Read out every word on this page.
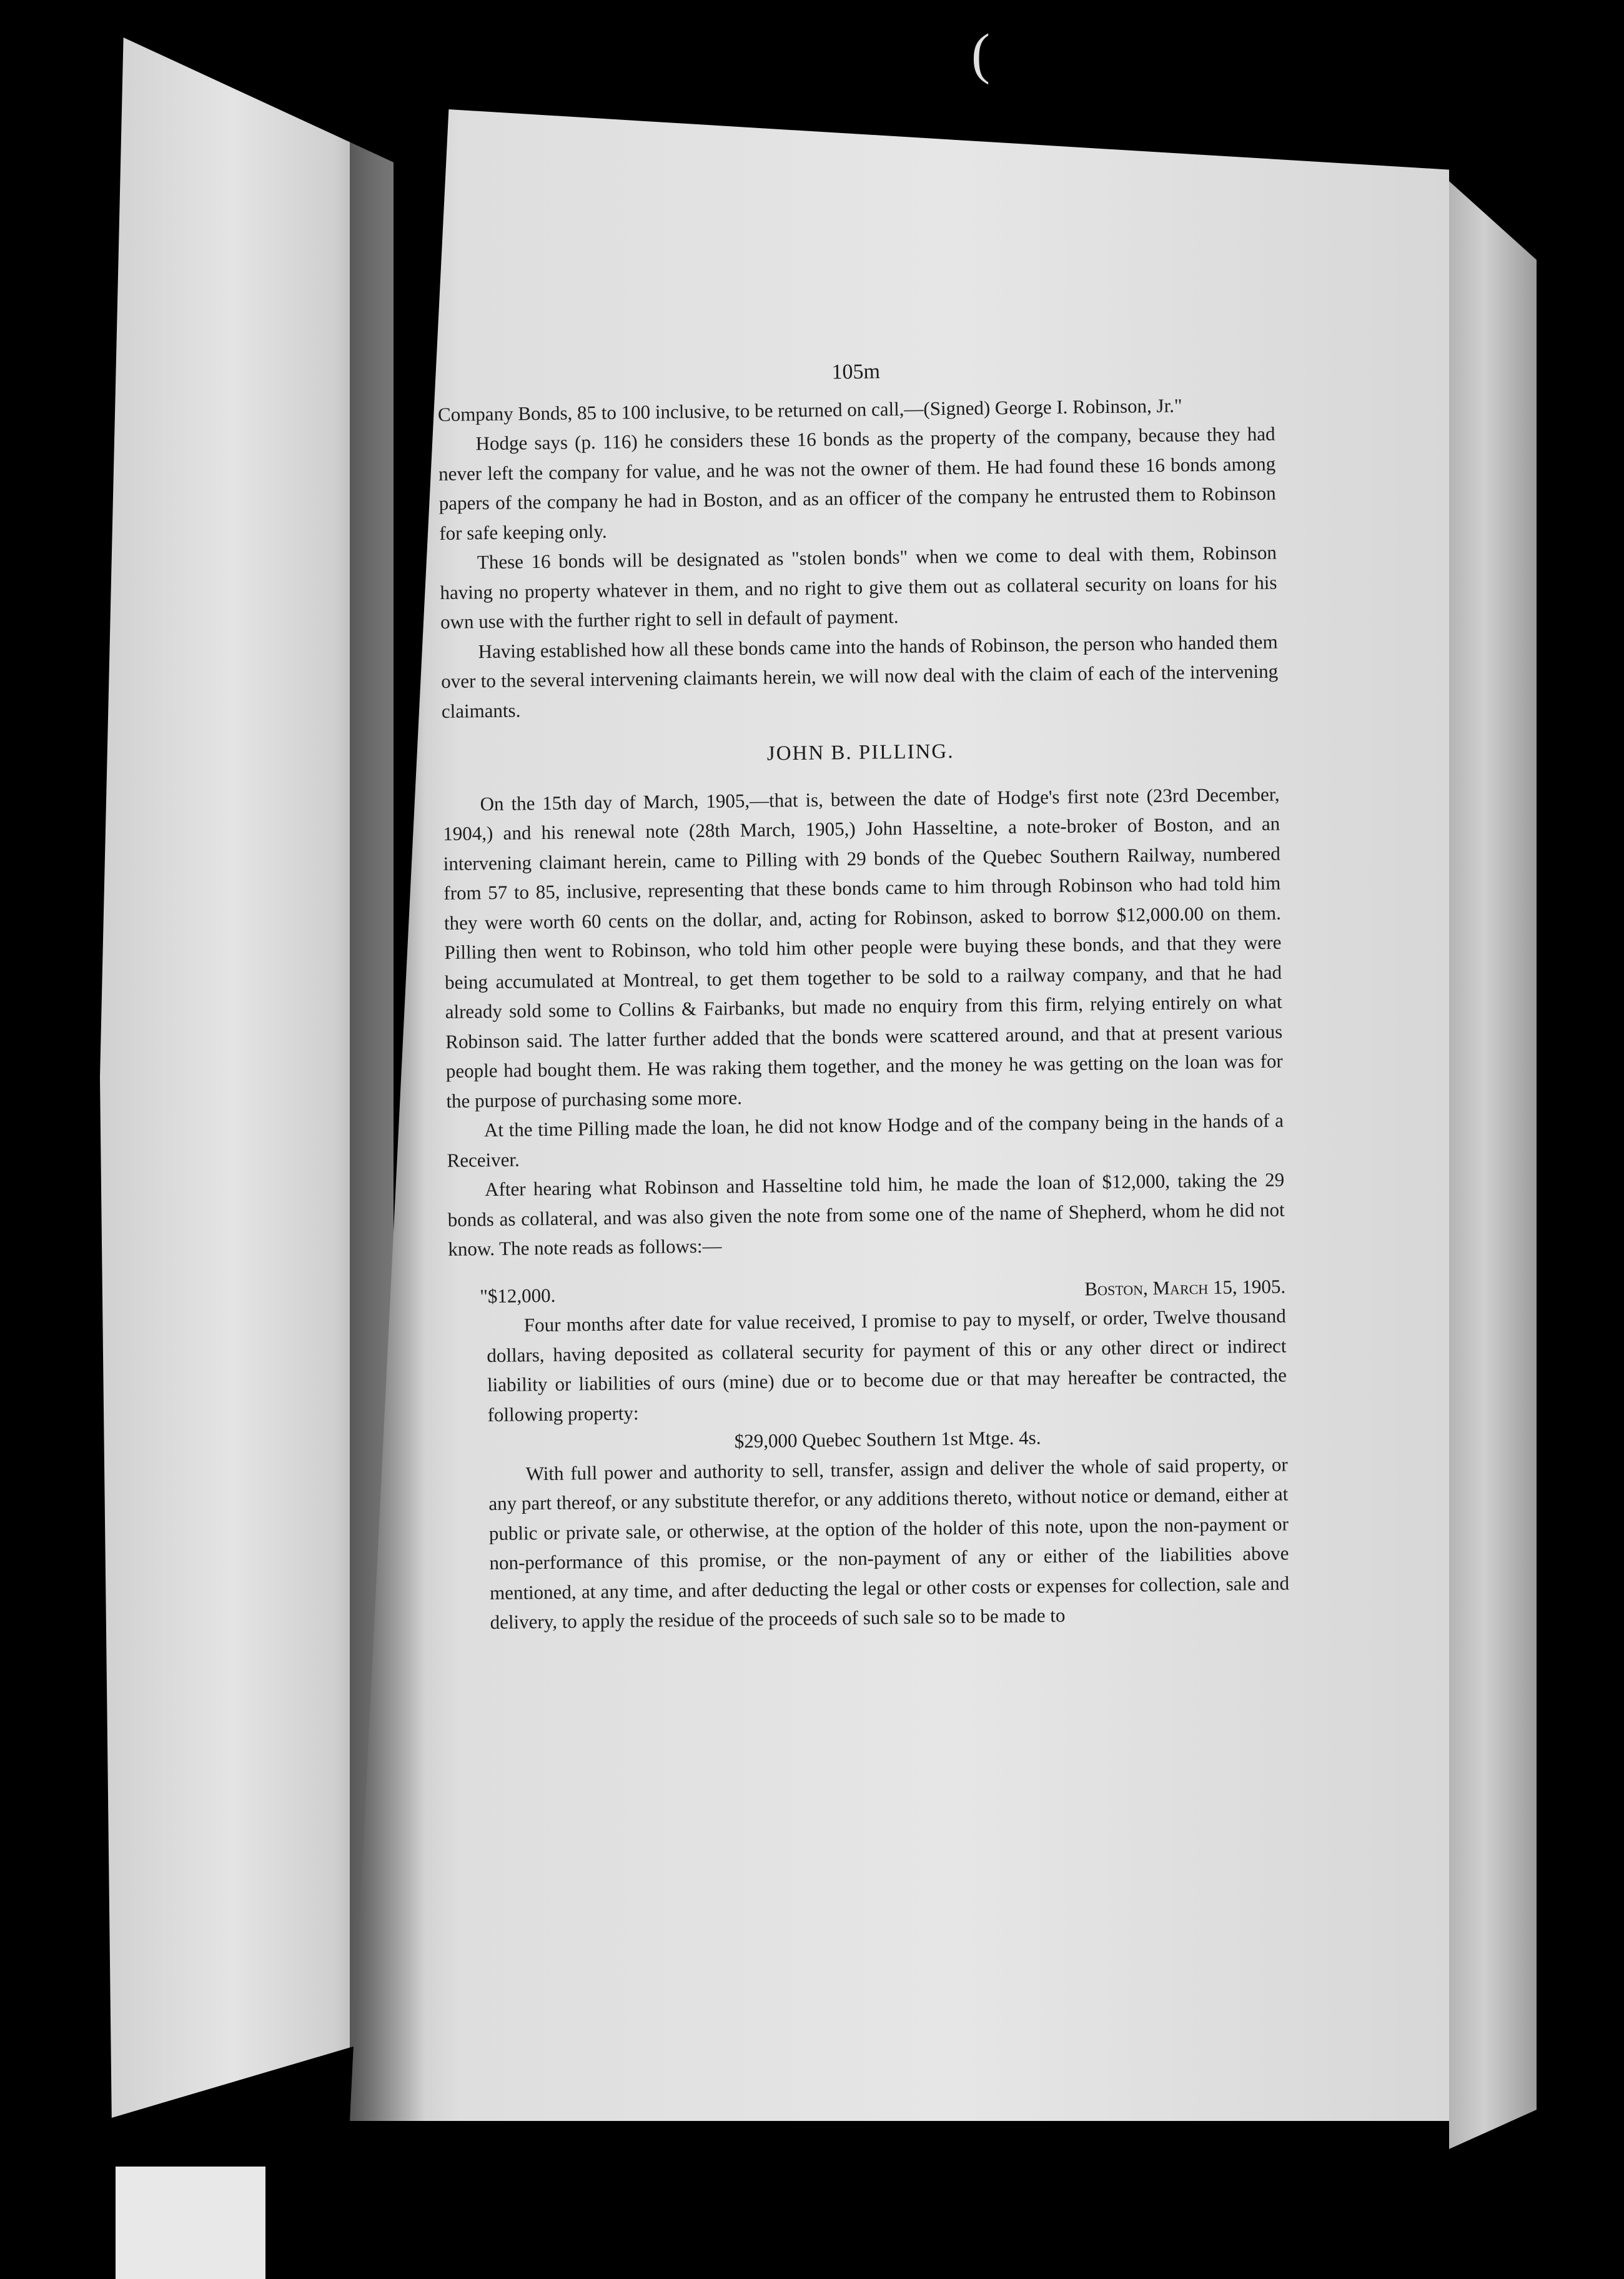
(
105m

Company Bonds, 85 to 100 inclusive, to be returned on call,—(Signed) George I. Robinson, Jr."

Hodge says (p. 116) he considers these 16 bonds as the property of the company, because they had never left the company for value, and he was not the owner of them. He had found these 16 bonds among papers of the company he had in Boston, and as an officer of the company he entrusted them to Robinson for safe keeping only.

These 16 bonds will be designated as "stolen bonds" when we come to deal with them, Robinson having no property whatever in them, and no right to give them out as collateral security on loans for his own use with the further right to sell in default of payment.

Having established how all these bonds came into the hands of Robinson, the person who handed them over to the several intervening claimants herein, we will now deal with the claim of each of the intervening claimants.

JOHN B. PILLING.

On the 15th day of March, 1905,—that is, between the date of Hodge's first note (23rd December, 1904,) and his renewal note (28th March, 1905,) John Hasseltine, a note-broker of Boston, and an intervening claimant herein, came to Pilling with 29 bonds of the Quebec Southern Railway, numbered from 57 to 85, inclusive, representing that these bonds came to him through Robinson who had told him they were worth 60 cents on the dollar, and, acting for Robinson, asked to borrow $12,000.00 on them. Pilling then went to Robinson, who told him other people were buying these bonds, and that they were being accumulated at Montreal, to get them together to be sold to a railway company, and that he had already sold some to Collins & Fairbanks, but made no enquiry from this firm, relying entirely on what Robinson said. The latter further added that the bonds were scattered around, and that at present various people had bought them. He was raking them together, and the money he was getting on the loan was for the purpose of purchasing some more.

At the time Pilling made the loan, he did not know Hodge and of the company being in the hands of a Receiver.

After hearing what Robinson and Hasseltine told him, he made the loan of $12,000, taking the 29 bonds as collateral, and was also given the note from some one of the name of Shepherd, whom he did not know. The note reads as follows:—

"$12,000.	Boston, March 15, 1905.

Four months after date for value received, I promise to pay to myself, or order, Twelve thousand dollars, having deposited as collateral security for payment of this or any other direct or indirect liability or liabilities of ours (mine) due or to become due or that may hereafter be contracted, the following property:

$29,000 Quebec Southern 1st Mtge. 4s.

With full power and authority to sell, transfer, assign and deliver the whole of said property, or any part thereof, or any substitute therefor, or any additions thereto, without notice or demand, either at public or private sale, or otherwise, at the option of the holder of this note, upon the non-payment or non-performance of this promise, or the non-payment of any or either of the liabilities above mentioned, at any time, and after deducting the legal or other costs or expenses for collection, sale and delivery, to apply the residue of the proceeds of such sale so to be made to
